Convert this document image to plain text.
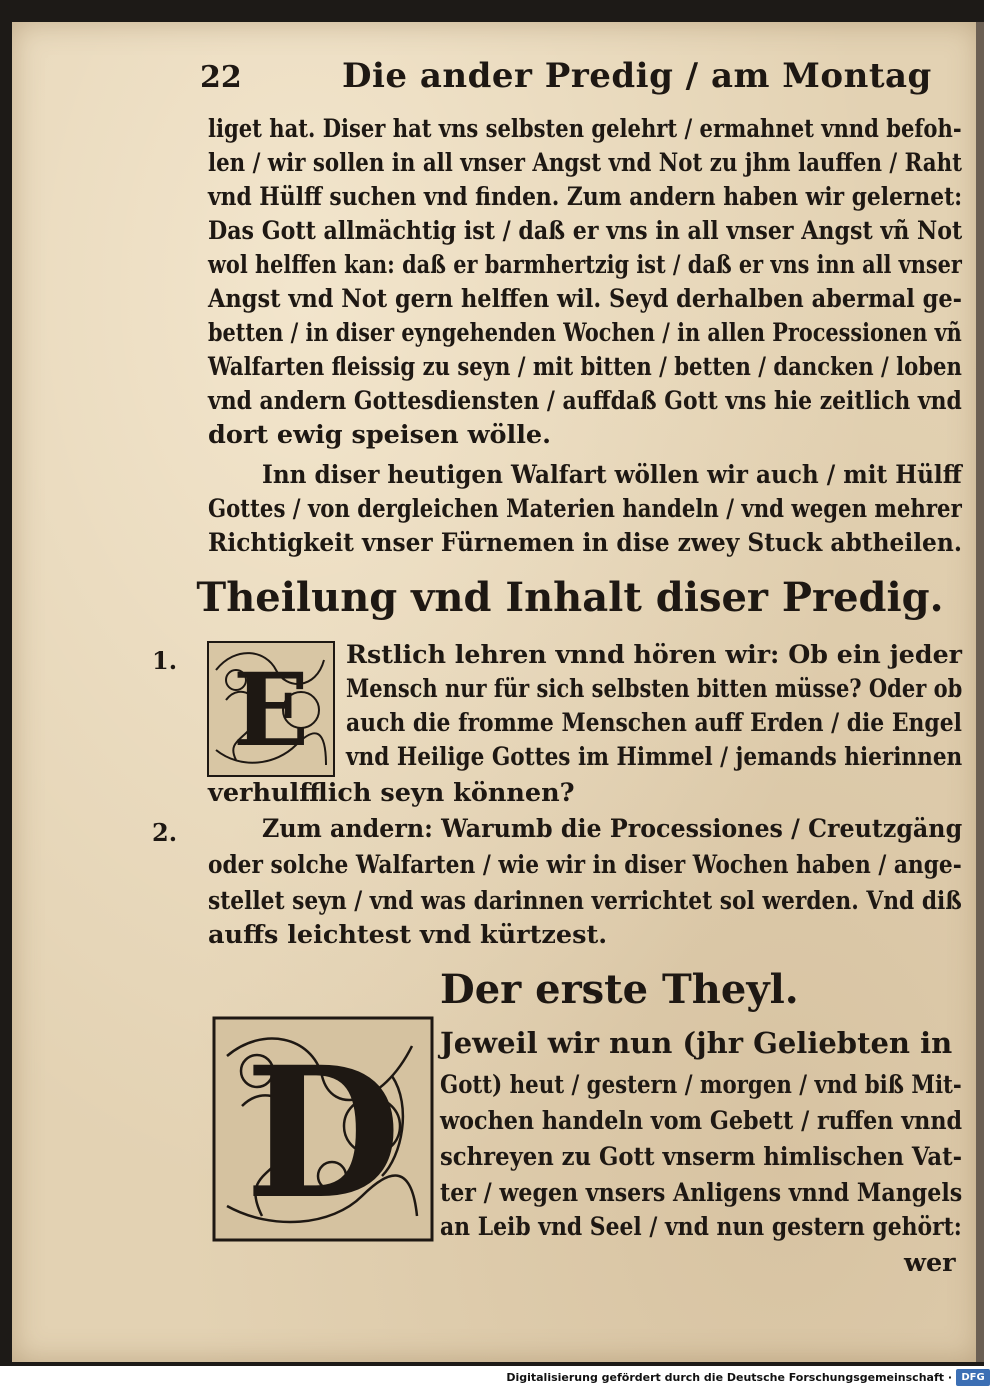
22	Die ander Predig / am Montag
liget hat. Diser hat vns selbsten gelehrt / ermahnet vnnd befoh-
len / wir sollen in all vnser Angst vnd Not zu jhm lauffen / Raht
vnd Hülff suchen vnd finden. Zum andern haben wir gelernet:
Das Gott allmächtig ist / daß er vns in all vnser Angst vñ Not
wol helffen kan: daß er barmhertzig ist / daß er vns inn all vnser
Angst vnd Not gern helffen wil. Seyd derhalben abermal ge-
betten / in diser eyngehenden Wochen / in allen Processionen vñ
Walfarten fleissig zu seyn / mit bitten / betten / dancken / loben
vnd andern Gottesdiensten / auffdaß Gott vns hie zeitlich vnd
dort ewig speisen wölle.
Inn diser heutigen Walfart wöllen wir auch / mit Hülff
Gottes / von dergleichen Materien handeln / vnd wegen mehrer
Richtigkeit vnser Fürnemen in dise zwey Stuck abtheilen.
Theilung vnd Inhalt diser Predig.
1. E Rstlich lehren vnnd hören wir: Ob ein jeder
Mensch nur für sich selbsten bitten müsse? Oder ob
auch die fromme Menschen auff Erden / die Engel
vnd Heilige Gottes im Himmel / jemands hierinnen
verhulfflich seyn können?
2.	Zum andern: Warumb die Processiones / Creutzgäng
oder solche Walfarten / wie wir in diser Wochen haben / ange-
stellet seyn / vnd was darinnen verrichtet sol werden. Vnd diß
auffs leichtest vnd kürtzest.
Der erste Theyl.
D Jeweil wir nun (jhr Geliebten in
Gott) heut / gestern / morgen / vnd biß Mit-
wochen handeln vom Gebett / ruffen vnnd
schreyen zu Gott vnserm himlischen Vat-
ter / wegen vnsers Anligens vnnd Mangels
an Leib vnd Seel / vnd nun gestern gehört:
wer
Digitalisierung gefördert durch die Deutsche Forschungsgemeinschaft · DFG
